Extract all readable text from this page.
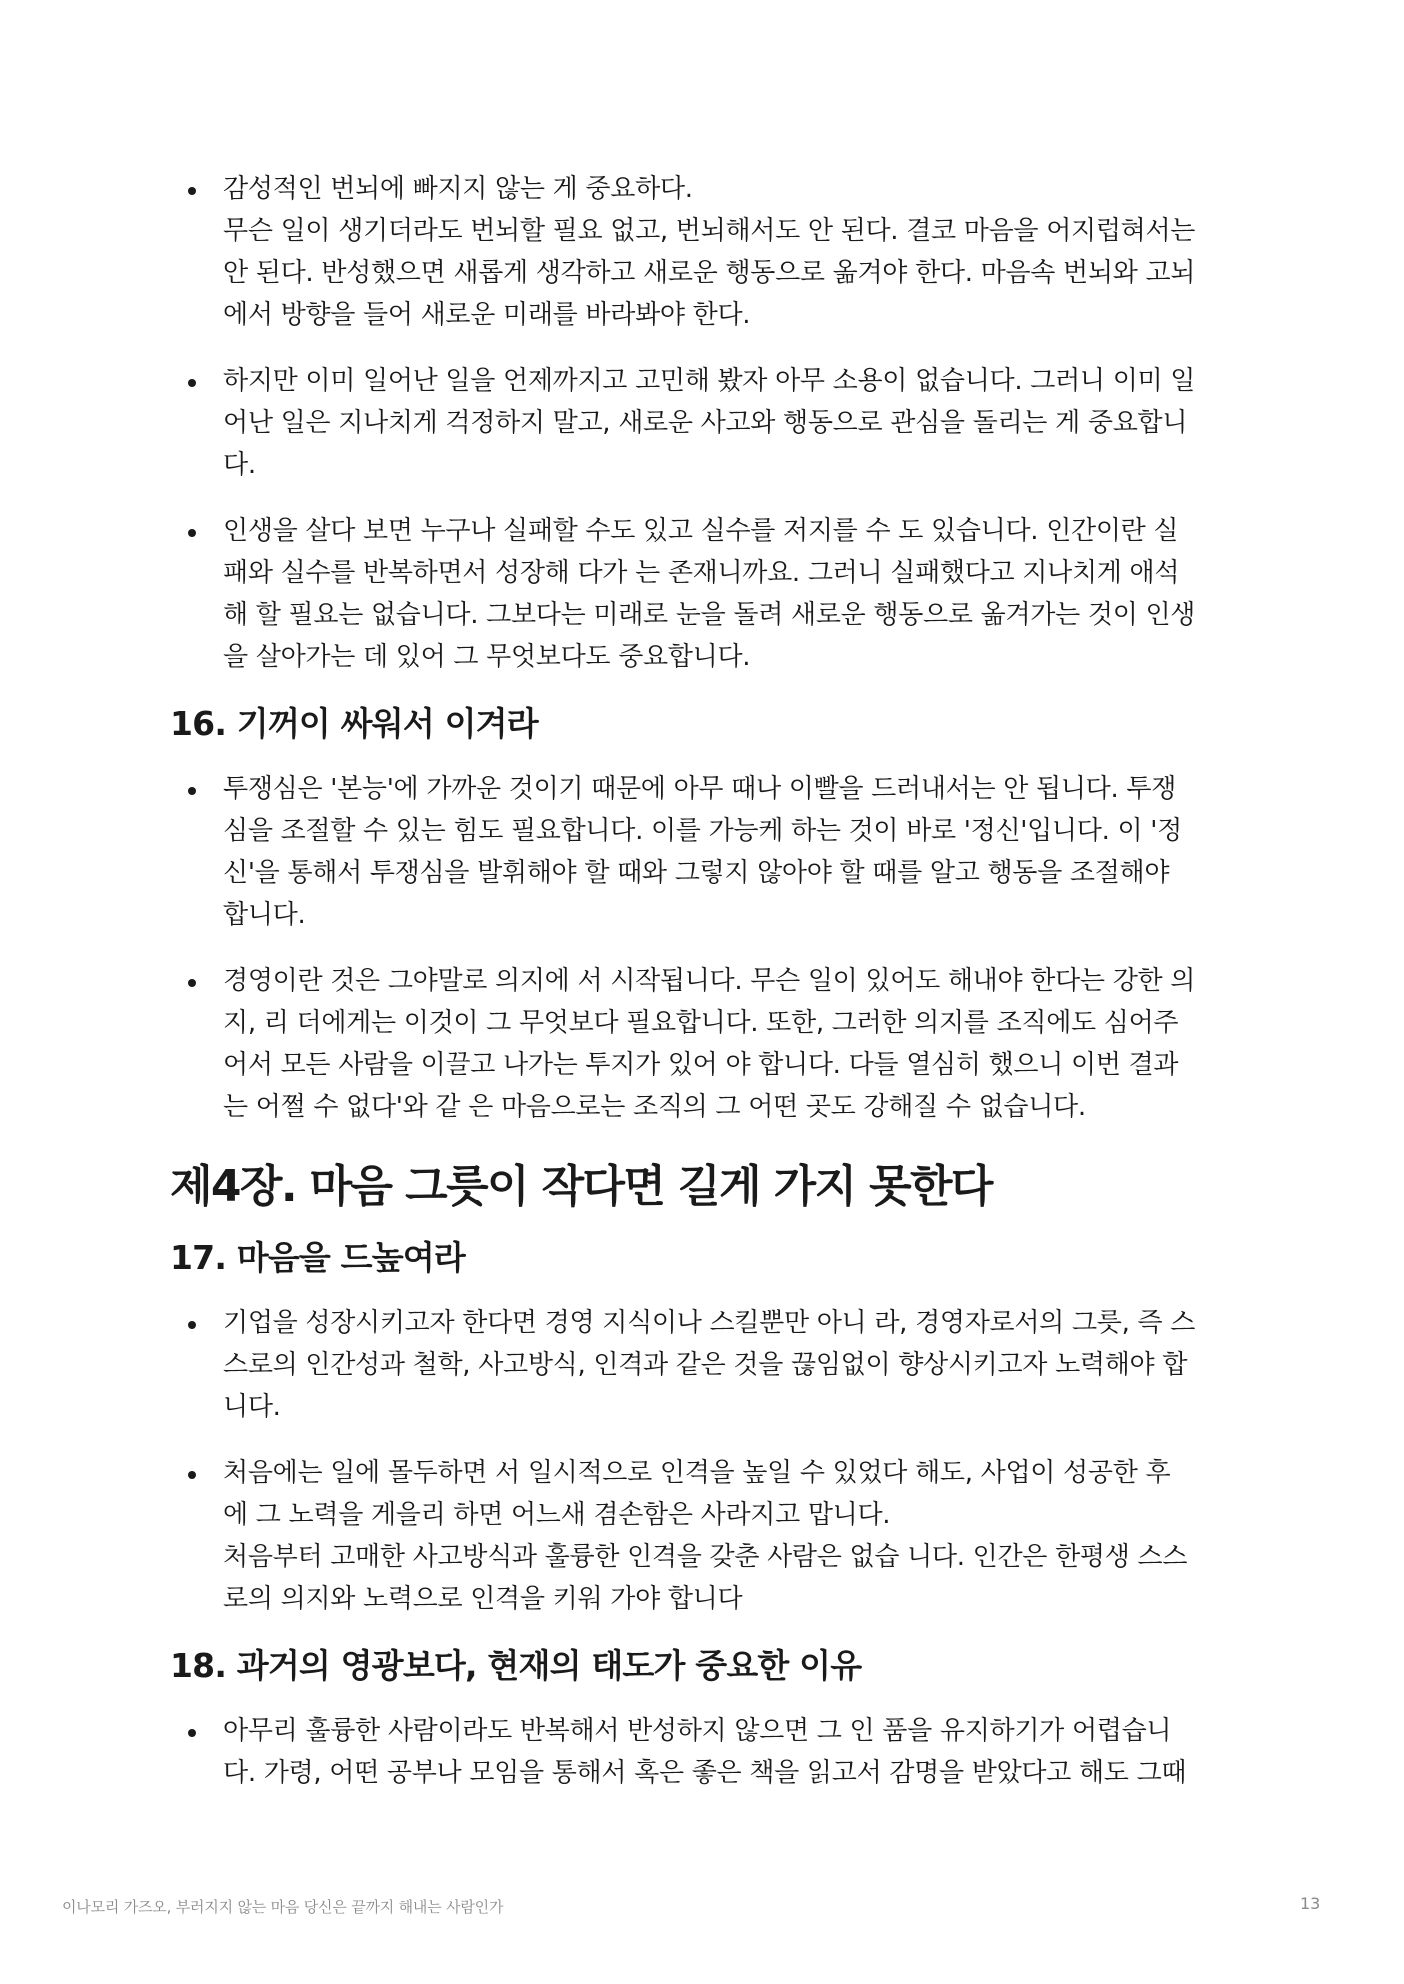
감성적인 번뇌에 빠지지 않는 게 중요하다.
무슨 일이 생기더라도 번뇌할 필요 없고, 번뇌해서도 안 된다. 결코 마음을 어지럽혀서는
안 된다. 반성했으면 새롭게 생각하고 새로운 행동으로 옮겨야 한다. 마음속 번뇌와 고뇌
에서 방향을 들어 새로운 미래를 바라봐야 한다.
하지만 이미 일어난 일을 언제까지고 고민해 봤자 아무 소용이 없습니다. 그러니 이미 일
어난 일은 지나치게 걱정하지 말고, 새로운 사고와 행동으로 관심을 돌리는 게 중요합니
다.
인생을 살다 보면 누구나 실패할 수도 있고 실수를 저지를 수 도 있습니다. 인간이란 실
패와 실수를 반복하면서 성장해 다가 는 존재니까요. 그러니 실패했다고 지나치게 애석
해 할 필요는 없습니다. 그보다는 미래로 눈을 돌려 새로운 행동으로 옮겨가는 것이 인생
을 살아가는 데 있어 그 무엇보다도 중요합니다.
16. 기꺼이 싸워서 이겨라
투쟁심은 '본능'에 가까운 것이기 때문에 아무 때나 이빨을 드러내서는 안 됩니다. 투쟁
심을 조절할 수 있는 힘도 필요합니다. 이를 가능케 하는 것이 바로 '정신'입니다. 이 '정
신'을 통해서 투쟁심을 발휘해야 할 때와 그렇지 않아야 할 때를 알고 행동을 조절해야
합니다.
경영이란 것은 그야말로 의지에 서 시작됩니다. 무슨 일이 있어도 해내야 한다는 강한 의
지, 리 더에게는 이것이 그 무엇보다 필요합니다. 또한, 그러한 의지를 조직에도 심어주
어서 모든 사람을 이끌고 나가는 투지가 있어 야 합니다. 다들 열심히 했으니 이번 결과
는 어쩔 수 없다'와 같 은 마음으로는 조직의 그 어떤 곳도 강해질 수 없습니다.
제4장. 마음 그릇이 작다면 길게 가지 못한다
17. 마음을 드높여라
기업을 성장시키고자 한다면 경영 지식이나 스킬뿐만 아니 라, 경영자로서의 그릇, 즉 스
스로의 인간성과 철학, 사고방식, 인격과 같은 것을 끊임없이 향상시키고자 노력해야 합
니다.
처음에는 일에 몰두하면 서 일시적으로 인격을 높일 수 있었다 해도, 사업이 성공한 후
에 그 노력을 게을리 하면 어느새 겸손함은 사라지고 맙니다.
처음부터 고매한 사고방식과 훌륭한 인격을 갖춘 사람은 없습 니다. 인간은 한평생 스스
로의 의지와 노력으로 인격을 키워 가야 합니다
18. 과거의 영광보다, 현재의 태도가 중요한 이유
아무리 훌륭한 사람이라도 반복해서 반성하지 않으면 그 인 품을 유지하기가 어렵습니
다. 가령, 어떤 공부나 모임을 통해서 혹은 좋은 책을 읽고서 감명을 받았다고 해도 그때
이나모리 가즈오, 부러지지 않는 마음 당신은 끝까지 해내는 사람인가	13
